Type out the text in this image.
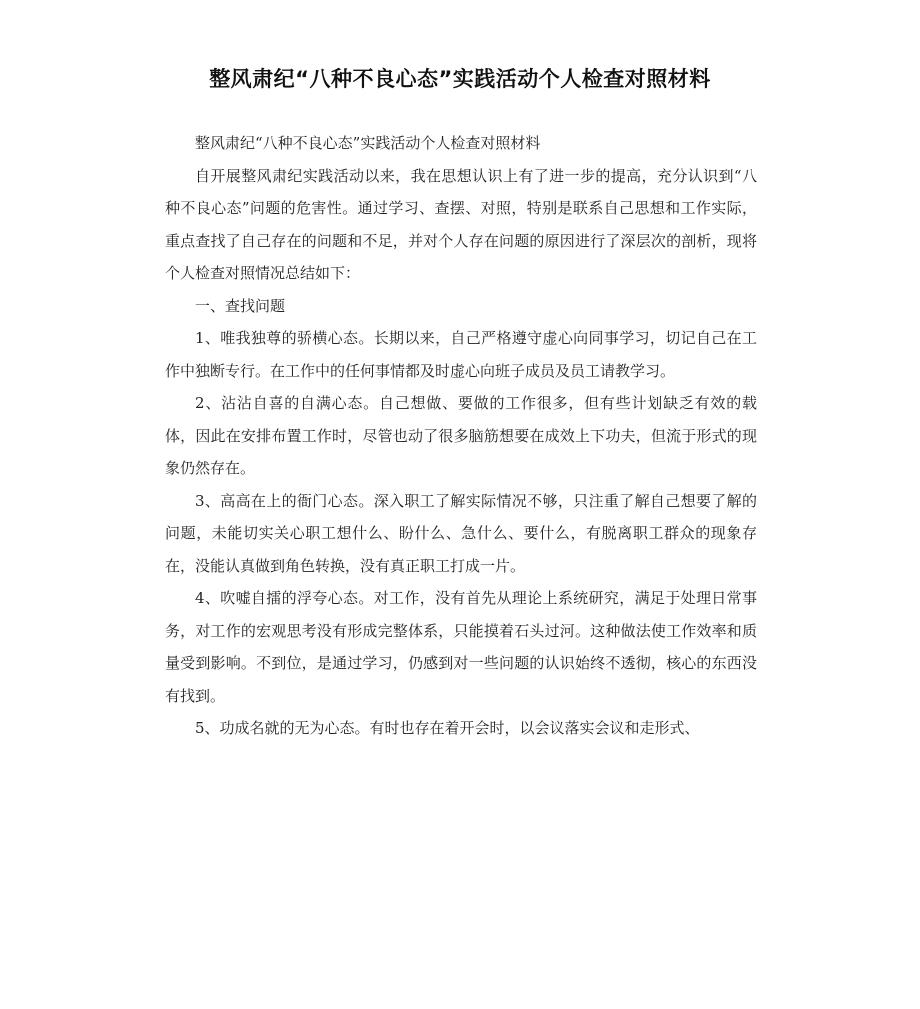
整风肃纪“八种不良心态”实践活动个人检查对照材料

整风肃纪“八种不良心态”实践活动个人检查对照材料

自开展整风肃纪实践活动以来，我在思想认识上有了进一步的提高，充分认识到“八种不良心态”问题的危害性。通过学习、查摆、对照，特别是联系自己思想和工作实际，重点查找了自己存在的问题和不足，并对个人存在问题的原因进行了深层次的剖析，现将个人检查对照情况总结如下：

一、查找问题

1、唯我独尊的骄横心态。长期以来，自己严格遵守虚心向同事学习，切记自己在工作中独断专行。在工作中的任何事情都及时虚心向班子成员及员工请教学习。

2、沾沾自喜的自满心态。自己想做、要做的工作很多，但有些计划缺乏有效的载体，因此在安排布置工作时，尽管也动了很多脑筋想要在成效上下功夫，但流于形式的现象仍然存在。

3、高高在上的衙门心态。深入职工了解实际情况不够，只注重了解自己想要了解的问题，未能切实关心职工想什么、盼什么、急什么、要什么，有脱离职工群众的现象存在，没能认真做到角色转换，没有真正职工打成一片。

4、吹嘘自擂的浮夸心态。对工作，没有首先从理论上系统研究，满足于处理日常事务，对工作的宏观思考没有形成完整体系，只能摸着石头过河。这种做法使工作效率和质量受到影响。不到位，是通过学习，仍感到对一些问题的认识始终不透彻，核心的东西没有找到。

5、功成名就的无为心态。有时也存在着开会时，以会议落实会议和走形式、
